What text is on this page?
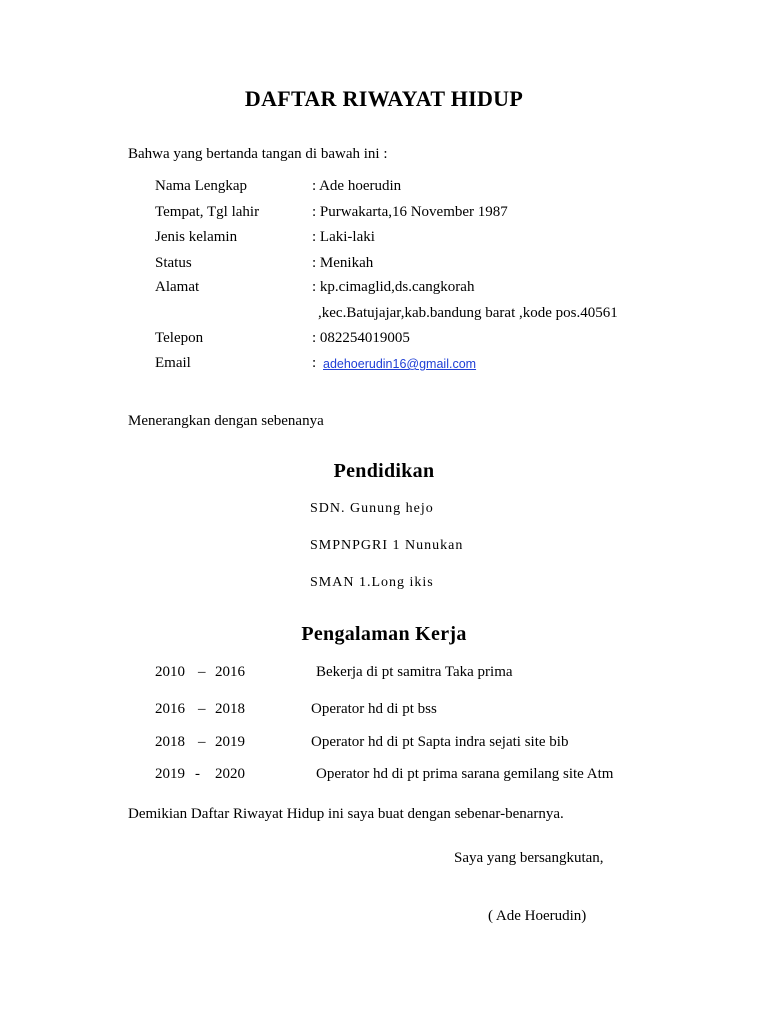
DAFTAR RIWAYAT HIDUP
Bahwa yang bertanda tangan di bawah ini :
Nama Lengkap	: Ade hoerudin
Tempat, Tgl lahir	: Purwakarta,16 November 1987
Jenis kelamin	: Laki-laki
Status	: Menikah
Alamat	: kp.cimaglid,ds.cangkorah
,kec.Batujajar,kab.bandung barat ,kode pos.40561
Telepon	: 082254019005
Email	: adehoerudin16@gmail.com
Menerangkan dengan sebenanya
Pendidikan
SDN. Gunung hejo
SMPNPGRI 1 Nunukan
SMAN 1.Long ikis
Pengalaman Kerja
2010 – 2016	Bekerja di pt samitra Taka prima
2016 – 2018	Operator hd di pt bss
2018 – 2019	Operator hd di pt Sapta indra sejati site bib
2019 - 2020	Operator hd di pt prima sarana gemilang site Atm
Demikian Daftar Riwayat Hidup ini saya buat dengan sebenar-benarnya.
Saya yang bersangkutan,
( Ade Hoerudin)
